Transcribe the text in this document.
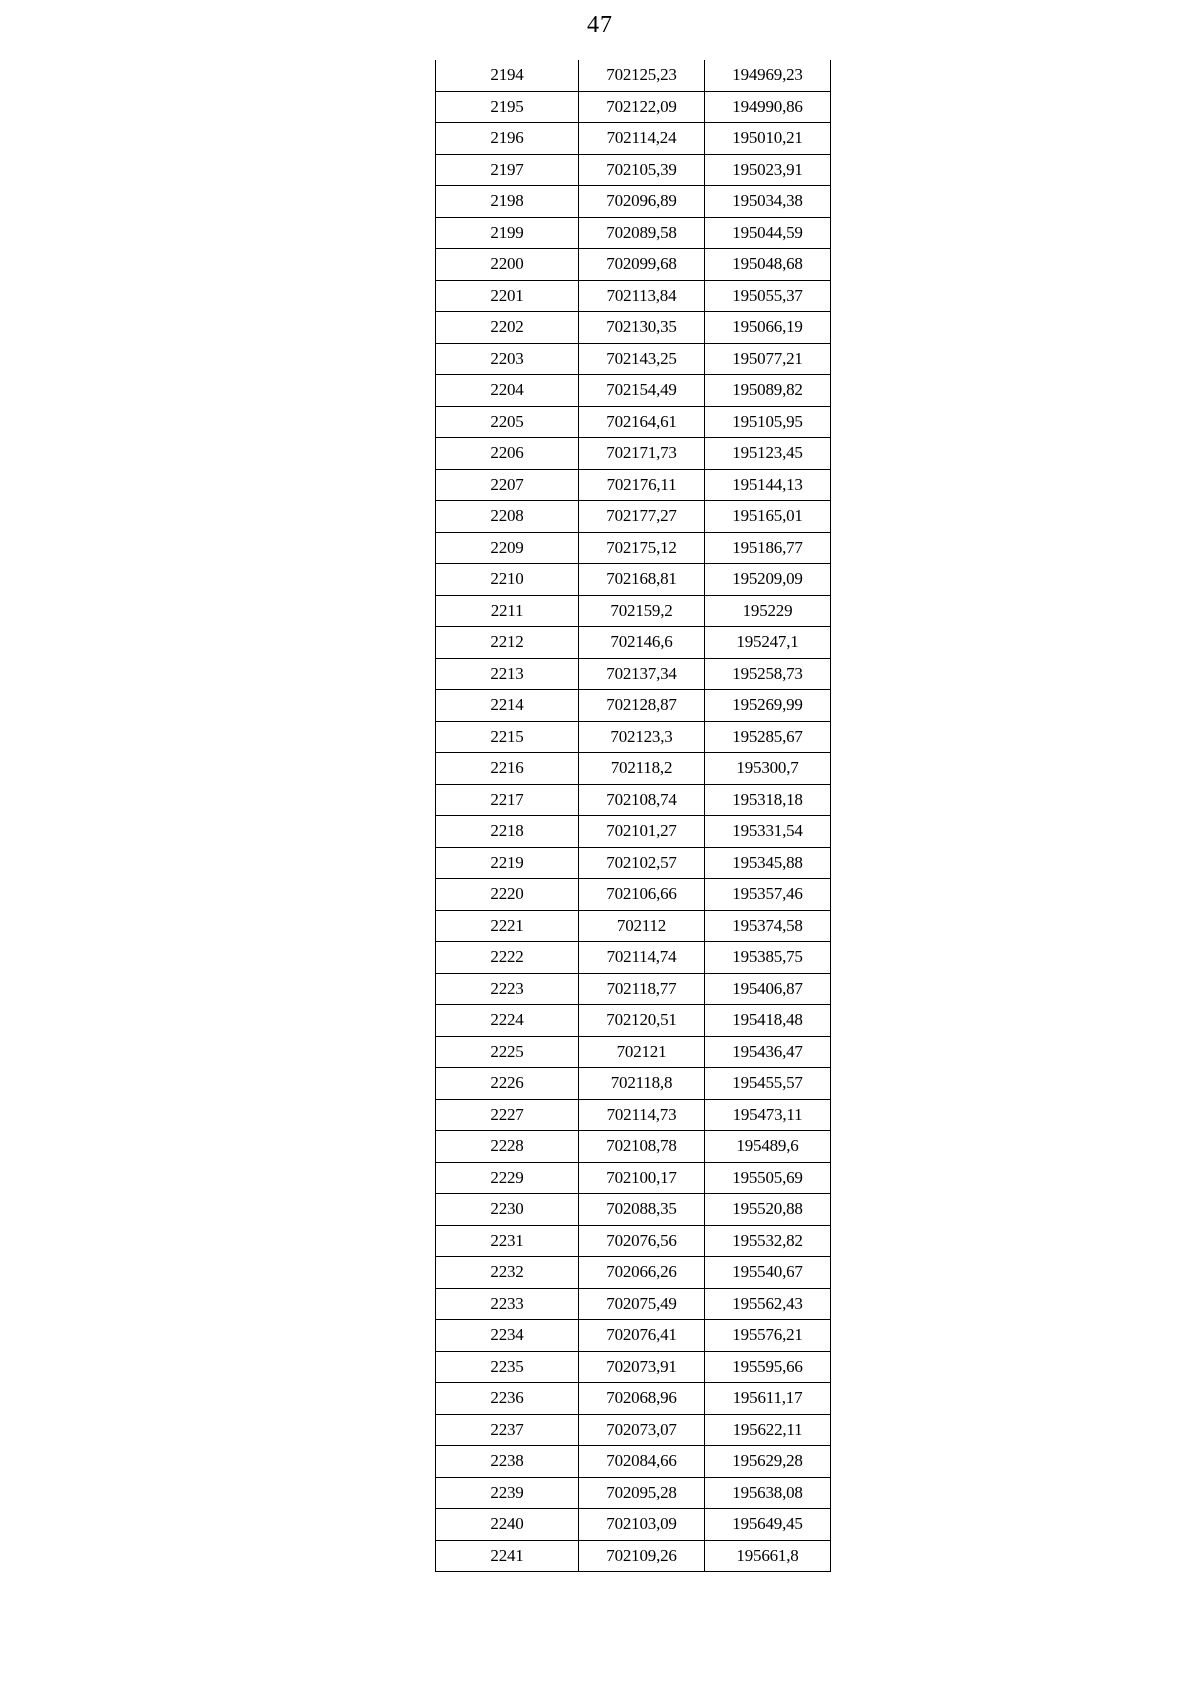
47
2194	702125,23	194969,23
2195	702122,09	194990,86
2196	702114,24	195010,21
2197	702105,39	195023,91
2198	702096,89	195034,38
2199	702089,58	195044,59
2200	702099,68	195048,68
2201	702113,84	195055,37
2202	702130,35	195066,19
2203	702143,25	195077,21
2204	702154,49	195089,82
2205	702164,61	195105,95
2206	702171,73	195123,45
2207	702176,11	195144,13
2208	702177,27	195165,01
2209	702175,12	195186,77
2210	702168,81	195209,09
2211	702159,2	195229
2212	702146,6	195247,1
2213	702137,34	195258,73
2214	702128,87	195269,99
2215	702123,3	195285,67
2216	702118,2	195300,7
2217	702108,74	195318,18
2218	702101,27	195331,54
2219	702102,57	195345,88
2220	702106,66	195357,46
2221	702112	195374,58
2222	702114,74	195385,75
2223	702118,77	195406,87
2224	702120,51	195418,48
2225	702121	195436,47
2226	702118,8	195455,57
2227	702114,73	195473,11
2228	702108,78	195489,6
2229	702100,17	195505,69
2230	702088,35	195520,88
2231	702076,56	195532,82
2232	702066,26	195540,67
2233	702075,49	195562,43
2234	702076,41	195576,21
2235	702073,91	195595,66
2236	702068,96	195611,17
2237	702073,07	195622,11
2238	702084,66	195629,28
2239	702095,28	195638,08
2240	702103,09	195649,45
2241	702109,26	195661,8
